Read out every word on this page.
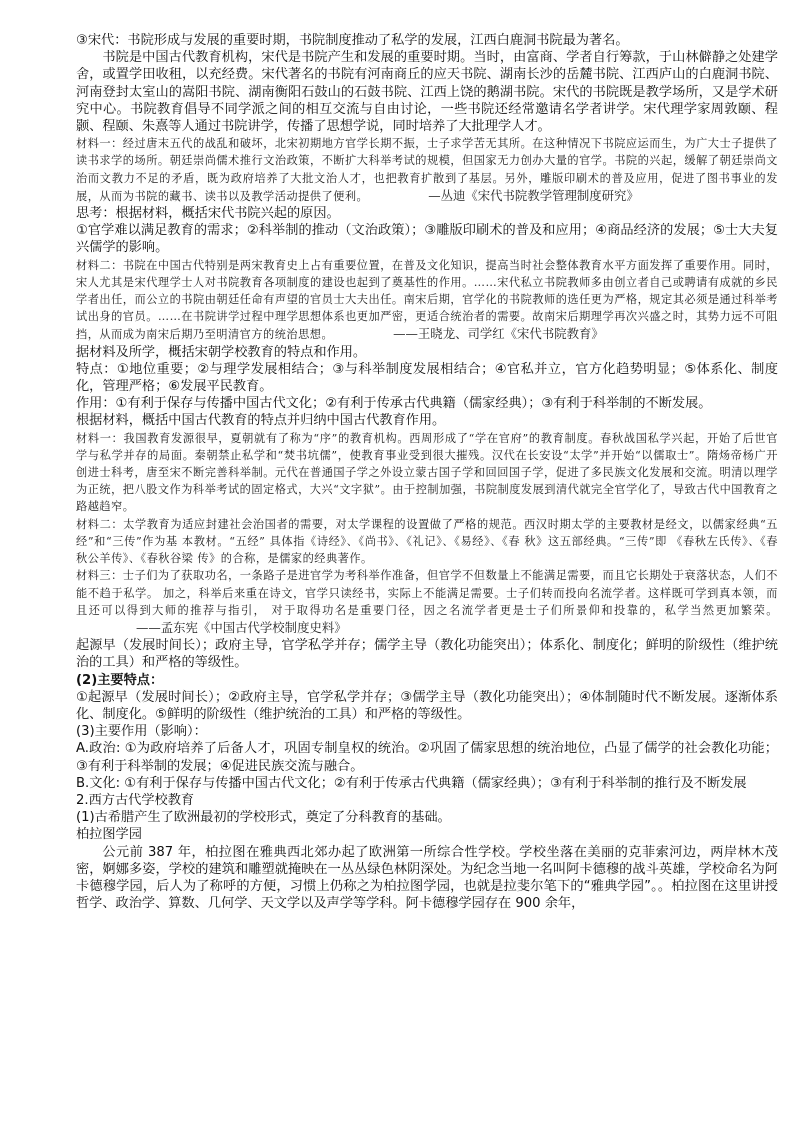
③宋代：书院形成与发展的重要时期，书院制度推动了私学的发展，江西白鹿洞书院最为著名。

书院是中国古代教育机构，宋代是书院产生和发展的重要时期。当时，由富商、学者自行筹款，于山林僻静之处建学舍，或置学田收租，以充经费。宋代著名的书院有河南商丘的应天书院、湖南长沙的岳麓书院、江西庐山的白鹿洞书院、河南登封太室山的嵩阳书院、湖南衡阳石鼓山的石鼓书院、江西上饶的鹅湖书院。宋代的书院既是教学场所，又是学术研究中心。书院教育倡导不同学派之间的相互交流与自由讨论，一些书院还经常邀请名学者讲学。宋代理学家周敦颐、程颢、程颐、朱熹等人通过书院讲学，传播了思想学说，同时培养了大批理学人才。

材料一：经过唐末五代的战乱和破坏，北宋初期地方官学长期不振，士子求学苦无其所。在这种情况下书院应运而生，为广大士子提供了读书求学的场所。朝廷崇尚儒术推行文治政策，不断扩大科举考试的规模，但国家无力创办大量的官学。书院的兴起，缓解了朝廷崇尚文治而文教力不足的矛盾，既为政府培养了大批文治人才，也把教育扩散到了基层。另外，雕版印刷术的普及应用，促进了图书事业的发展，从而为书院的藏书、读书以及教学活动提供了便利。	—丛迪《宋代书院教学管理制度研究》

思考：根据材料，概括宋代书院兴起的原因。

①官学难以满足教育的需求；②科举制的推动（文治政策）；③雕版印刷术的普及和应用；④商品经济的发展；⑤士大夫复兴儒学的影响。

材料二：书院在中国古代特别是两宋教育史上占有重要位置，在普及文化知识，提高当时社会整体教育水平方面发挥了重要作用。同时，宋人尤其是宋代理学士人对书院教育各项制度的建设也起到了奠基性的作用。……宋代私立书院教师多由创立者自己或聘请有成就的乡民学者出任，而公立的书院由朝廷任命有声望的官员士大夫出任。南宋后期，官学化的书院教师的选任更为严格，规定其必须是通过科举考试出身的官员。……在书院讲学过程中理学思想体系也更加严密，更适合统治者的需要。故南宋后期理学再次兴盛之时，其势力远不可阻挡，从而成为南宋后期乃至明清官方的统治思想。	——王晓龙、司学红《宋代书院教育》

据材料及所学，概括宋朝学校教育的特点和作用。

特点：①地位重要；②与理学发展相结合；③与科举制度发展相结合；④官私并立，官方化趋势明显；⑤体系化、制度化，管理严格；⑥发展平民教育。

作用：①有利于保存与传播中国古代文化；②有利于传承古代典籍（儒家经典）；③有利于科举制的不断发展。

根据材料，概括中国古代教育的特点并归纳中国古代教育作用。

材料一：我国教育发源很早，夏朝就有了称为“序”的教育机构。西周形成了“学在官府”的教育制度。春秋战国私学兴起，开始了后世官学与私学并存的局面。秦朝禁止私学和“焚书坑儒”，使教育事业受到很大摧残。汉代在长安设“太学”并开始“以儒取士”。隋炀帝杨广开创进士科考，唐至宋不断完善科举制。元代在普通国子学之外设立蒙古国子学和回回国子学，促进了多民族文化发展和交流。明清以理学为正统，把八股文作为科举考试的固定格式，大兴“文字狱”。由于控制加强，书院制度发展到清代就完全官学化了，导致古代中国教育之路越趋窄。

材料二：太学教育为适应封建社会治国者的需要，对太学课程的设置做了严格的规范。西汉时期太学的主要教材是经文，以儒家经典“五经”和“三传”作为基 本教材。“五经” 具体指《诗经》、《尚书》、《礼记》、《易经》、《春 秋》这五部经典。“三传”即 《春秋左氏传》、《春秋公羊传》、《春秋谷梁 传》的合称，是儒家的经典著作。

材料三：士子们为了获取功名，一条路子是进官学为考科举作准备，但官学不但数量上不能满足需要，而且它长期处于衰落状态，人们不能不趋于私学。 加之，科举后来重在诗文，官学只读经书，实际上不能满足需要。士子们转而投向名流学者。这样既可学到真本领，而且还可以得到大师的推荐与指引， 对于取得功名是重要门径，因之名流学者更是士子们所景仰和投靠的，私学当然更加繁荣。——孟东宪《中国古代学校制度史料》

起源早（发展时间长）；政府主导，官学私学并存；儒学主导（教化功能突出）；体系化、制度化；鲜明的阶级性（维护统治的工具）和严格的等级性。

(2)主要特点：

①起源早（发展时间长）；②政府主导，官学私学并存；③儒学主导（教化功能突出）；④体制随时代不断发展。逐渐体系化、制度化。⑤鲜明的阶级性（维护统治的工具）和严格的等级性。

(3)主要作用（影响）：

A.政治: ①为政府培养了后备人才，巩固专制皇权的统治。②巩固了儒家思想的统治地位，凸显了儒学的社会教化功能；③有利于科举制的发展；④促进民族交流与融合。

B.文化: ①有利于保存与传播中国古代文化；②有利于传承古代典籍（儒家经典）；③有利于科举制的推行及不断发展

2.西方古代学校教育

(1)古希腊产生了欧洲最初的学校形式，奠定了分科教育的基础。

柏拉图学园

公元前 387 年，柏拉图在雅典西北郊办起了欧洲第一所综合性学校。学校坐落在美丽的克菲索河边，两岸林木茂密，婀娜多姿，学校的建筑和雕塑就掩映在一丛丛绿色林阴深处。为纪念当地一名叫阿卡德穆的战斗英雄，学校命名为阿卡德穆学园，后人为了称呼的方便，习惯上仍称之为柏拉图学园，也就是拉斐尔笔下的“雅典学园”。。柏拉图在这里讲授哲学、政治学、算数、几何学、天文学以及声学等学科。阿卡德穆学园存在 900 余年，
